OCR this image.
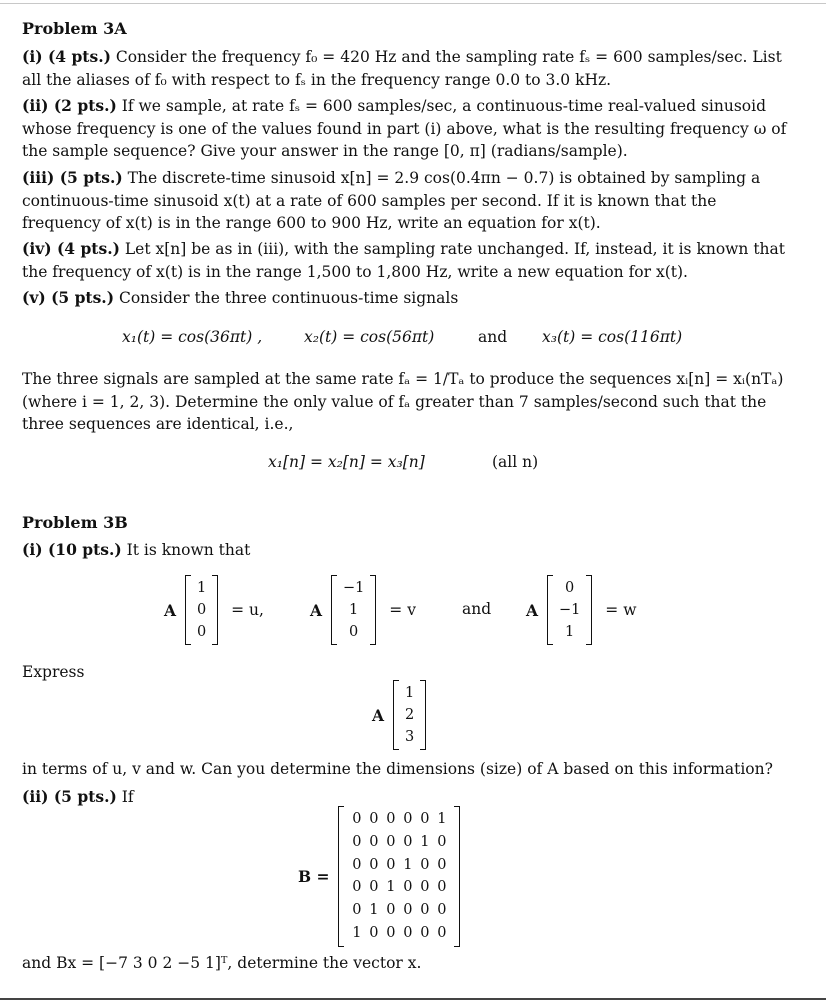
Problem 3A
(i) (4 pts.) Consider the frequency f₀ = 420 Hz and the sampling rate fₛ = 600 samples/sec. List all the aliases of f₀ with respect to fₛ in the frequency range 0.0 to 3.0 kHz.
(ii) (2 pts.) If we sample, at rate fₛ = 600 samples/sec, a continuous-time real-valued sinusoid whose frequency is one of the values found in part (i) above, what is the resulting frequency ω of the sample sequence? Give your answer in the range [0, π] (radians/sample).
(iii) (5 pts.) The discrete-time sinusoid x[n] = 2.9 cos(0.4πn − 0.7) is obtained by sampling a continuous-time sinusoid x(t) at a rate of 600 samples per second. If it is known that the frequency of x(t) is in the range 600 to 900 Hz, write an equation for x(t).
(iv) (4 pts.) Let x[n] be as in (iii), with the sampling rate unchanged. If, instead, it is known that the frequency of x(t) is in the range 1,500 to 1,800 Hz, write a new equation for x(t).
(v) (5 pts.) Consider the three continuous-time signals
x₁(t) = cos(36πt) ,	x₂(t) = cos(56πt)	and x₃(t) = cos(116πt)
The three signals are sampled at the same rate fₐ = 1/Tₐ to produce the sequences xᵢ[n] = xᵢ(nTₐ) (where i = 1, 2, 3). Determine the only value of fₐ greater than 7 samples/second such that the three sequences are identical, i.e.,
x₁[n] = x₂[n] = x₃[n]	(all n)
Problem 3B
(i) (10 pts.) It is known that
A
1
0
0
= u,	A
−1
1
0
= v	and A
0
−1
1
= w
Express
A
1
2
3
in terms of u, v and w. Can you determine the dimensions (size) of A based on this information?
(ii) (5 pts.) If
B =
0 0 0 0 0 1
0 0 0 0 1 0
0 0 0 1 0 0
0 0 1 0 0 0
0 1 0 0 0 0
1 0 0 0 0 0
and Bx = [−7 3 0 2 −5 1]ᵀ, determine the vector x.
